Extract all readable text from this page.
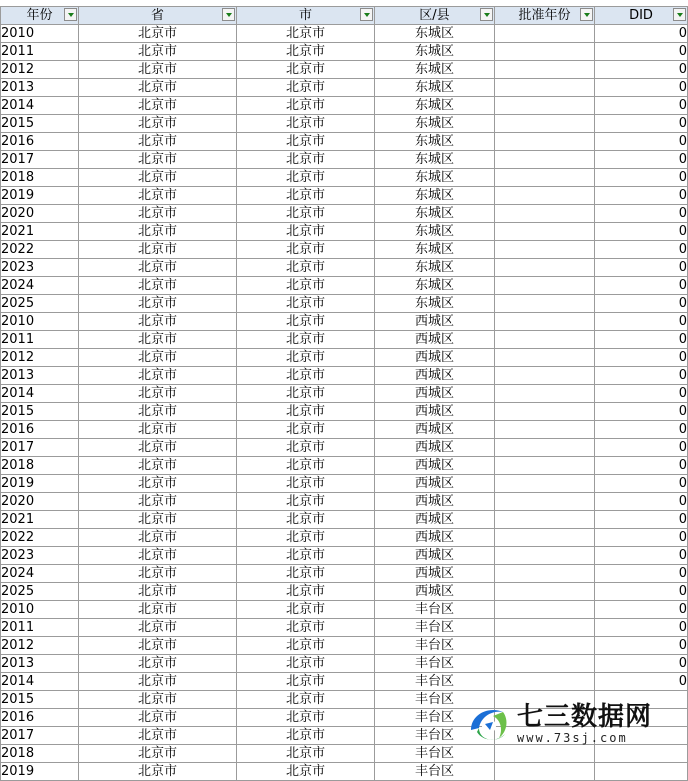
年份	省	市	区/县	批准年份	DID

2010	北京市	北京市	东城区		0
2011	北京市	北京市	东城区		0
2012	北京市	北京市	东城区		0
2013	北京市	北京市	东城区		0
2014	北京市	北京市	东城区		0
2015	北京市	北京市	东城区		0
2016	北京市	北京市	东城区		0
2017	北京市	北京市	东城区		0
2018	北京市	北京市	东城区		0
2019	北京市	北京市	东城区		0
2020	北京市	北京市	东城区		0
2021	北京市	北京市	东城区		0
2022	北京市	北京市	东城区		0
2023	北京市	北京市	东城区		0
2024	北京市	北京市	东城区		0
2025	北京市	北京市	东城区		0
2010	北京市	北京市	西城区		0
2011	北京市	北京市	西城区		0
2012	北京市	北京市	西城区		0
2013	北京市	北京市	西城区		0
2014	北京市	北京市	西城区		0
2015	北京市	北京市	西城区		0
2016	北京市	北京市	西城区		0
2017	北京市	北京市	西城区		0
2018	北京市	北京市	西城区		0
2019	北京市	北京市	西城区		0
2020	北京市	北京市	西城区		0
2021	北京市	北京市	西城区		0
2022	北京市	北京市	西城区		0
2023	北京市	北京市	西城区		0
2024	北京市	北京市	西城区		0
2025	北京市	北京市	西城区		0
2010	北京市	北京市	丰台区		0
2011	北京市	北京市	丰台区		0
2012	北京市	北京市	丰台区		0
2013	北京市	北京市	丰台区		0
2014	北京市	北京市	丰台区		0
2015	北京市	北京市	丰台区		
2016	北京市	北京市	丰台区		
2017	北京市	北京市	丰台区		
2018	北京市	北京市	丰台区		
2019	北京市	北京市	丰台区		
七三数据网
www.73sj.com
